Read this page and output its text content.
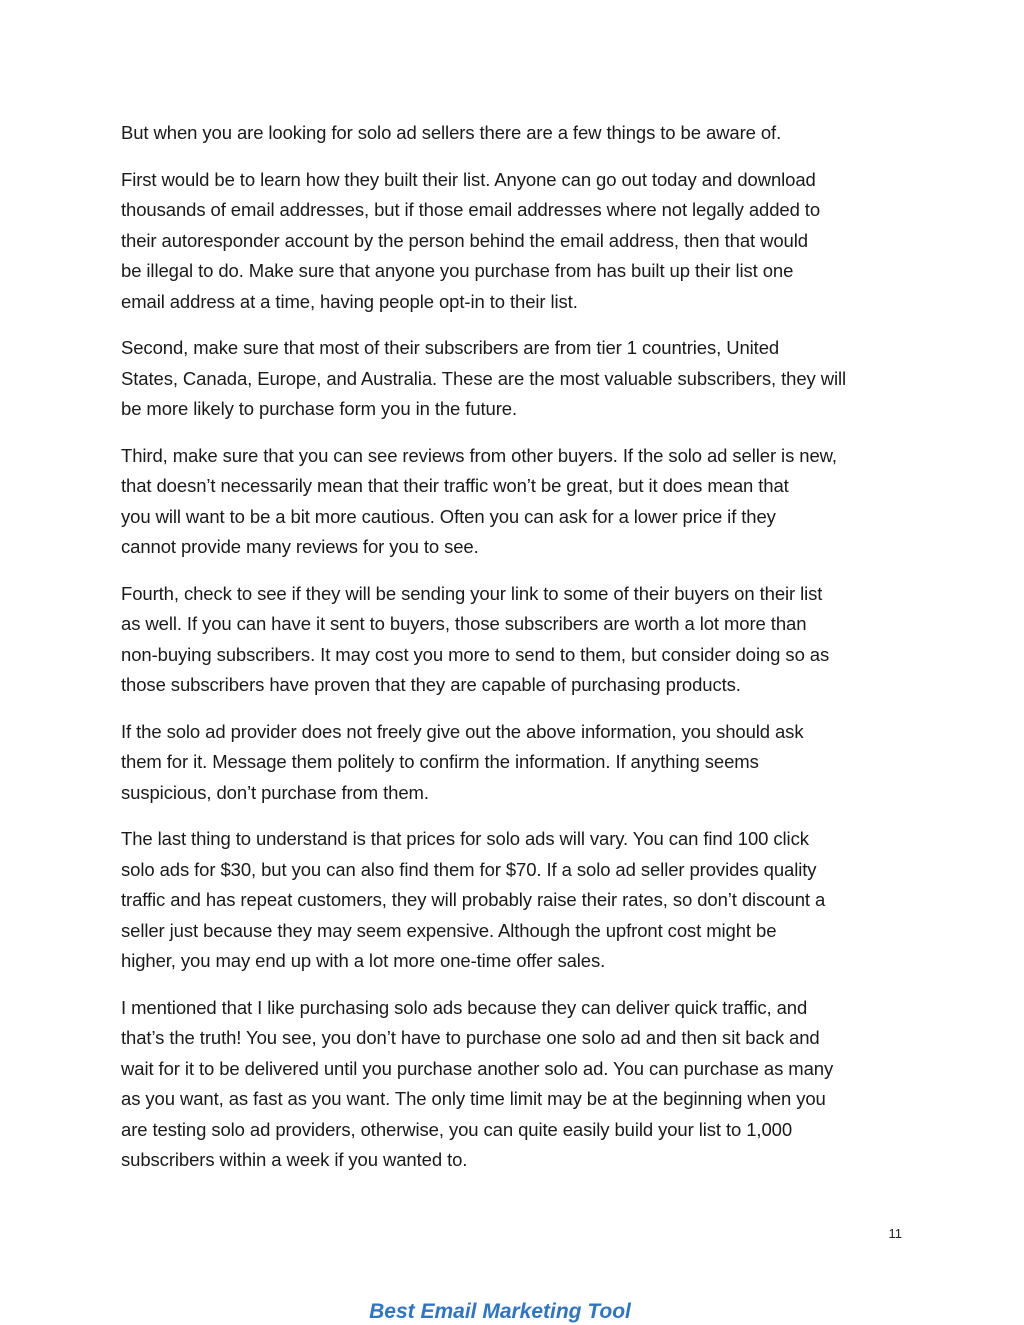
But when you are looking for solo ad sellers there are a few things to be aware of.

First would be to learn how they built their list. Anyone can go out today and download
thousands of email addresses, but if those email addresses where not legally added to
their autoresponder account by the person behind the email address, then that would
be illegal to do. Make sure that anyone you purchase from has built up their list one
email address at a time, having people opt-in to their list.

Second, make sure that most of their subscribers are from tier 1 countries, United
States, Canada, Europe, and Australia. These are the most valuable subscribers, they will
be more likely to purchase form you in the future.

Third, make sure that you can see reviews from other buyers. If the solo ad seller is new,
that doesn’t necessarily mean that their traffic won’t be great, but it does mean that
you will want to be a bit more cautious. Often you can ask for a lower price if they
cannot provide many reviews for you to see.

Fourth, check to see if they will be sending your link to some of their buyers on their list
as well. If you can have it sent to buyers, those subscribers are worth a lot more than
non-buying subscribers. It may cost you more to send to them, but consider doing so as
those subscribers have proven that they are capable of purchasing products.

If the solo ad provider does not freely give out the above information, you should ask
them for it. Message them politely to confirm the information. If anything seems
suspicious, don’t purchase from them.

The last thing to understand is that prices for solo ads will vary. You can find 100 click
solo ads for $30, but you can also find them for $70. If a solo ad seller provides quality
traffic and has repeat customers, they will probably raise their rates, so don’t discount a
seller just because they may seem expensive. Although the upfront cost might be
higher, you may end up with a lot more one-time offer sales.

I mentioned that I like purchasing solo ads because they can deliver quick traffic, and
that’s the truth! You see, you don’t have to purchase one solo ad and then sit back and
wait for it to be delivered until you purchase another solo ad. You can purchase as many
as you want, as fast as you want. The only time limit may be at the beginning when you
are testing solo ad providers, otherwise, you can quite easily build your list to 1,000
subscribers within a week if you wanted to.

11
Best Email Marketing Tool
